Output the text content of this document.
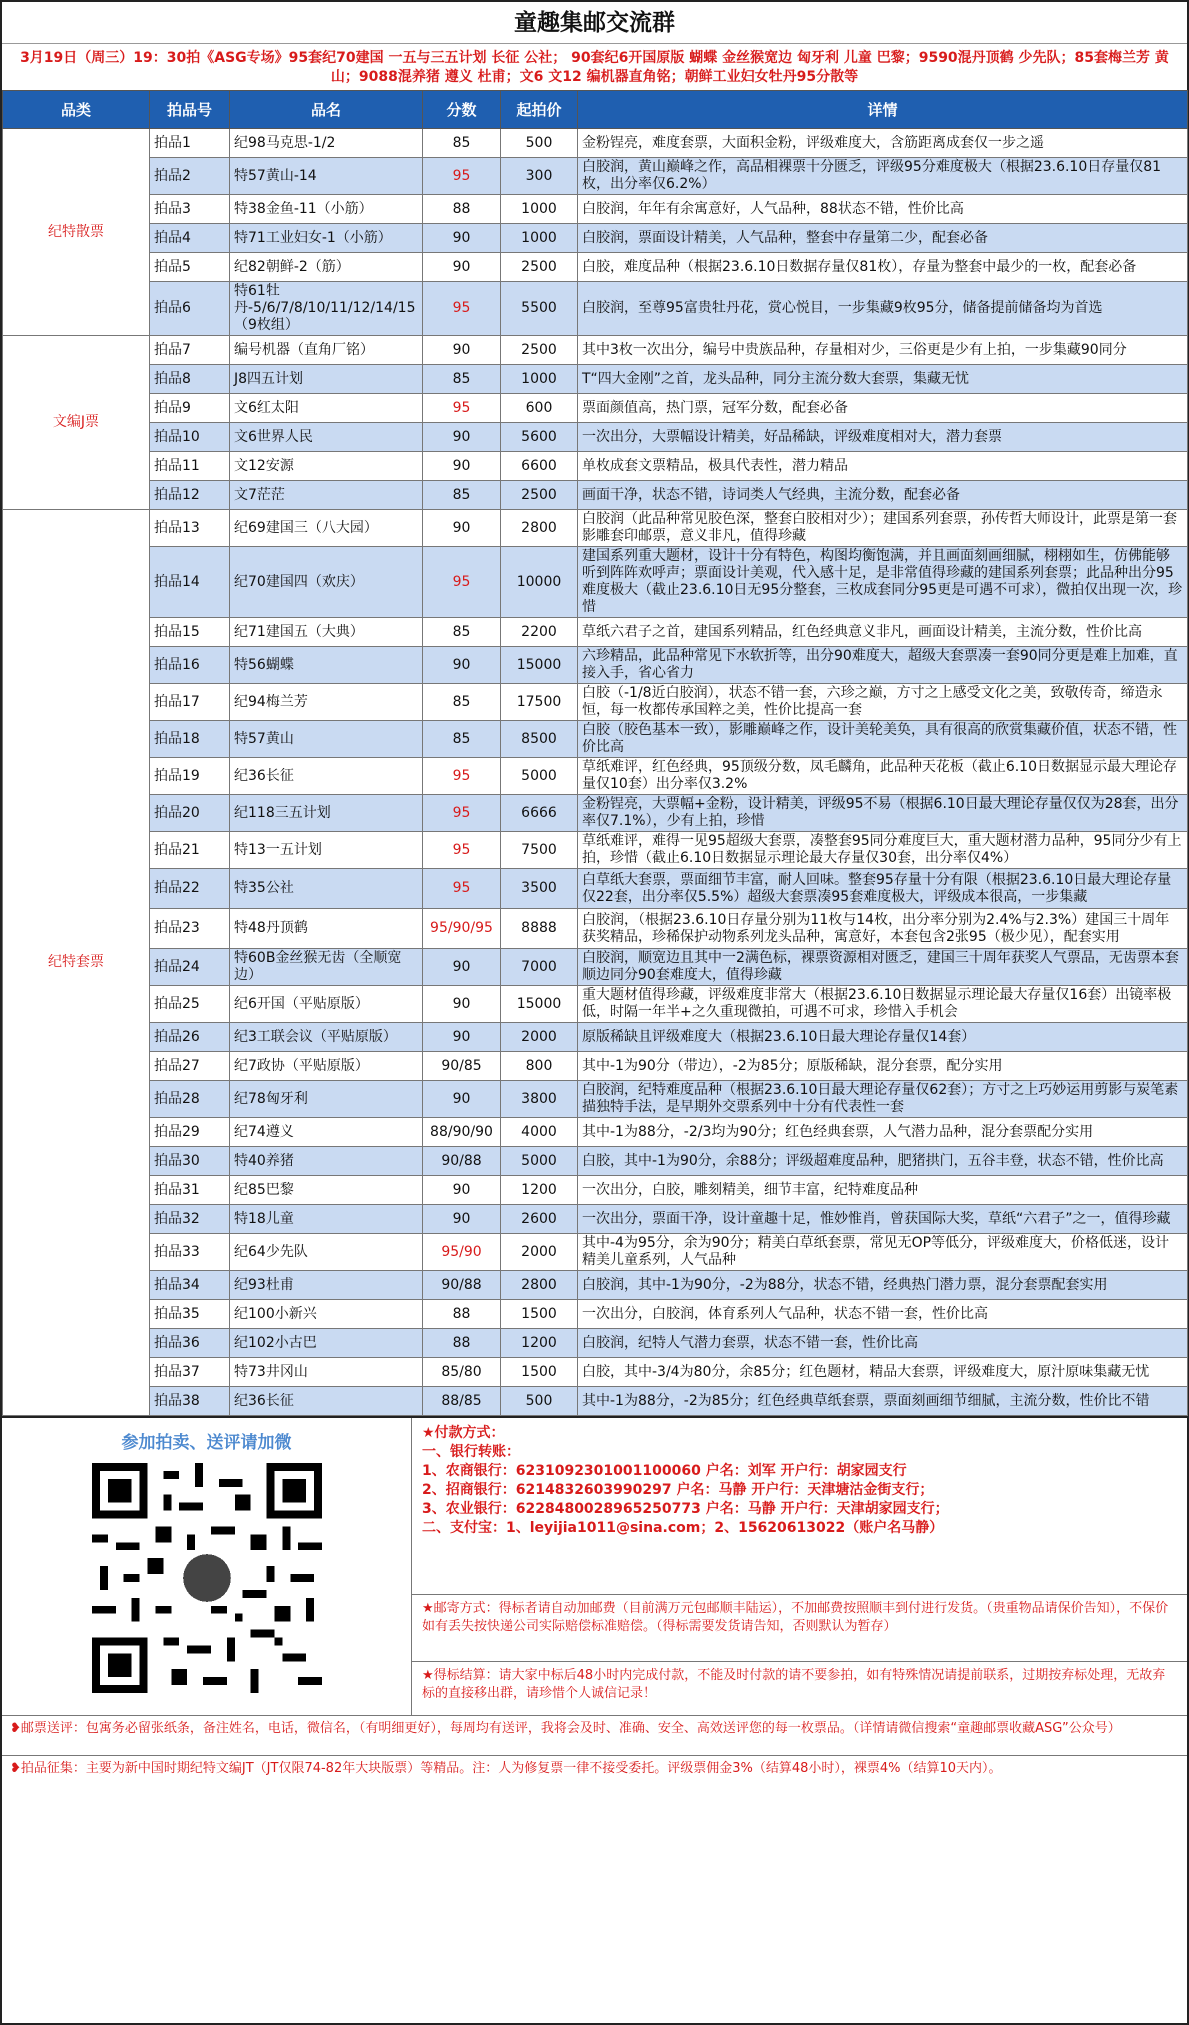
童趣集邮交流群
3月19日（周三）19：30拍《ASG专场》95套纪70建国 一五与三五计划 长征 公社； 90套纪6开国原版 蝴蝶 金丝猴宽边 匈牙利 儿童 巴黎；9590混丹顶鹤 少先队；85套梅兰芳 黄山；9088混养猪 遵义 杜甫；文6 文12 编机器直角铭；朝鲜工业妇女牡丹95分散等
品类	拍品号	品名	分数	起拍价	详情
纪特散票	拍品1	纪98马克思-1/2	85	500	金粉锃亮，难度套票，大面积金粉，评级难度大，含筋距离成套仅一步之遥
	拍品2	特57黄山-14	95	300	白胶润，黄山巅峰之作，高品相裸票十分匮乏，评级95分难度极大（根据23.6.10日存量仅81枚，出分率仅6.2%）
	拍品3	特38金鱼-11（小筋）	88	1000	白胶润，年年有余寓意好，人气品种，88状态不错，性价比高
	拍品4	特71工业妇女-1（小筋）	90	1000	白胶润，票面设计精美，人气品种，整套中存量第二少，配套必备
	拍品5	纪82朝鲜-2（筋）	90	2500	白胶，难度品种（根据23.6.10日数据存量仅81枚），存量为整套中最少的一枚，配套必备
	拍品6	特61牡丹-5/6/7/8/10/11/12/14/15（9枚组）	95	5500	白胶润，至尊95富贵牡丹花，赏心悦目，一步集藏9枚95分，储备提前储备均为首选
文编J票	拍品7	编号机器（直角厂铭）	90	2500	其中3枚一次出分，编号中贵族品种，存量相对少，三俗更是少有上拍，一步集藏90同分
	拍品8	J8四五计划	85	1000	T“四大金刚”之首，龙头品种，同分主流分数大套票，集藏无忧
	拍品9	文6红太阳	95	600	票面颜值高，热门票，冠军分数，配套必备
	拍品10	文6世界人民	90	5600	一次出分，大票幅设计精美，好品稀缺，评级难度相对大，潜力套票
	拍品11	文12安源	90	6600	单枚成套文票精品，极具代表性，潜力精品
	拍品12	文7茫茫	85	2500	画面干净，状态不错，诗词类人气经典，主流分数，配套必备
纪特套票	拍品13	纪69建国三（八大园）	90	2800	白胶润（此品种常见胶色深，整套白胶相对少）；建国系列套票，孙传哲大师设计，此票是第一套影雕套印邮票，意义非凡，值得珍藏
	拍品14	纪70建国四（欢庆）	95	10000	建国系列重大题材，设计十分有特色，构图均衡饱满，并且画面刻画细腻，栩栩如生，仿佛能够听到阵阵欢呼声；票面设计美观，代入感十足，是非常值得珍藏的建国系列套票；此品种出分95难度极大（截止23.6.10日无95分整套，三枚成套同分95更是可遇不可求），微拍仅出现一次，珍惜
	拍品15	纪71建国五（大典）	85	2200	草纸六君子之首，建国系列精品，红色经典意义非凡，画面设计精美，主流分数，性价比高
	拍品16	特56蝴蝶	90	15000	六珍精品，此品种常见下水软折等，出分90难度大，超级大套票凑一套90同分更是难上加难，直接入手，省心省力
	拍品17	纪94梅兰芳	85	17500	白胶（-1/8近白胶润），状态不错一套，六珍之巅，方寸之上感受文化之美，致敬传奇，缔造永恒，每一枚都传承国粹之美，性价比提高一套
	拍品18	特57黄山	85	8500	白胶（胶色基本一致），影雕巅峰之作，设计美轮美奂，具有很高的欣赏集藏价值，状态不错，性价比高
	拍品19	纪36长征	95	5000	草纸难评，红色经典，95顶级分数，凤毛麟角，此品种天花板（截止6.10日数据显示最大理论存量仅10套）出分率仅3.2%
	拍品20	纪118三五计划	95	6666	金粉锃亮，大票幅+金粉，设计精美，评级95不易（根据6.10日最大理论存量仅仅为28套，出分率仅7.1%），少有上拍，珍惜
	拍品21	特13一五计划	95	7500	草纸难评，难得一见95超级大套票，凑整套95同分难度巨大，重大题材潜力品种，95同分少有上拍，珍惜（截止6.10日数据显示理论最大存量仅30套，出分率仅4%）
	拍品22	特35公社	95	3500	白草纸大套票，票面细节丰富，耐人回味。整套95存量十分有限（根据23.6.10日最大理论存量仅22套，出分率仅5.5%）超级大套票凑95套难度极大，评级成本很高，一步集藏
	拍品23	特48丹顶鹤	95/90/95	8888	白胶润，（根据23.6.10日存量分别为11枚与14枚，出分率分别为2.4%与2.3%）建国三十周年获奖精品，珍稀保护动物系列龙头品种，寓意好，本套包含2张95（极少见），配套实用
	拍品24	特60B金丝猴无齿（全顺宽边）	90	7000	白胶润，顺宽边且其中一2满色标，裸票资源相对匮乏，建国三十周年获奖人气票品，无齿票本套顺边同分90套难度大，值得珍藏
	拍品25	纪6开国（平贴原版）	90	15000	重大题材值得珍藏，评级难度非常大（根据23.6.10日数据显示理论最大存量仅16套）出镜率极低，时隔一年半+之久重现微拍，可遇不可求，珍惜入手机会
	拍品26	纪3工联会议（平贴原版）	90	2000	原版稀缺且评级难度大（根据23.6.10日最大理论存量仅14套）
	拍品27	纪7政协（平贴原版）	90/85	800	其中-1为90分（带边），-2为85分；原版稀缺，混分套票，配分实用
	拍品28	纪78匈牙利	90	3800	白胶润，纪特难度品种（根据23.6.10日最大理论存量仅62套）；方寸之上巧妙运用剪影与炭笔素描独特手法，是早期外交票系列中十分有代表性一套
	拍品29	纪74遵义	88/90/90	4000	其中-1为88分，-2/3均为90分；红色经典套票，人气潜力品种，混分套票配分实用
	拍品30	特40养猪	90/88	5000	白胶，其中-1为90分，余88分；评级超难度品种，肥猪拱门，五谷丰登，状态不错，性价比高
	拍品31	纪85巴黎	90	1200	一次出分，白胶，雕刻精美，细节丰富，纪特难度品种
	拍品32	特18儿童	90	2600	一次出分，票面干净，设计童趣十足，惟妙惟肖，曾获国际大奖，草纸“六君子”之一，值得珍藏
	拍品33	纪64少先队	95/90	2000	其中-4为95分，余为90分；精美白草纸套票，常见无OP等低分，评级难度大，价格低迷，设计精美儿童系列，人气品种
	拍品34	纪93杜甫	90/88	2800	白胶润，其中-1为90分，-2为88分，状态不错，经典热门潜力票，混分套票配套实用
	拍品35	纪100小新兴	88	1500	一次出分，白胶润，体育系列人气品种，状态不错一套，性价比高
	拍品36	纪102小古巴	88	1200	白胶润，纪特人气潜力套票，状态不错一套，性价比高
	拍品37	特73井冈山	85/80	1500	白胶，其中-3/4为80分，余85分；红色题材，精品大套票，评级难度大，原汁原味集藏无忧
	拍品38	纪36长征	88/85	500	其中-1为88分，-2为85分；红色经典草纸套票，票面刻画细节细腻，主流分数，性价比不错
参加拍卖、送评请加微	★付款方式：
一、银行转账：
1、农商银行：6231092301001100060 户名：刘军 开户行：胡家园支行
2、招商银行：6214832603990297 户名：马静 开户行：天津塘沽金街支行；
3、农业银行：6228480028965250773 户名：马静 开户行：天津胡家园支行；
二、支付宝：1、leyijia1011@sina.com；2、15620613022（账户名马静）
★邮寄方式：得标者请自动加邮费（目前满万元包邮顺丰陆运），不加邮费按照顺丰到付进行发货。（贵重物品请保价告知），不保价如有丢失按快递公司实际赔偿标准赔偿。（得标需要发货请告知，否则默认为暂存）
★得标结算：请大家中标后48小时内完成付款，不能及时付款的请不要参拍，如有特殊情况请提前联系，过期按弃标处理，无故弃标的直接移出群，请珍惜个人诚信记录！
❥邮票送评：包寓务必留张纸条，备注姓名，电话，微信名，（有明细更好），每周均有送评，我将会及时、准确、安全、高效送评您的每一枚票品。（详情请微信搜索“童趣邮票收藏ASG”公众号）
❥拍品征集：主要为新中国时期纪特文编JT（JT仅限74-82年大块版票）等精品。注：人为修复票一律不接受委托。评级票佣金3%（结算48小时），裸票4%（结算10天内）。
